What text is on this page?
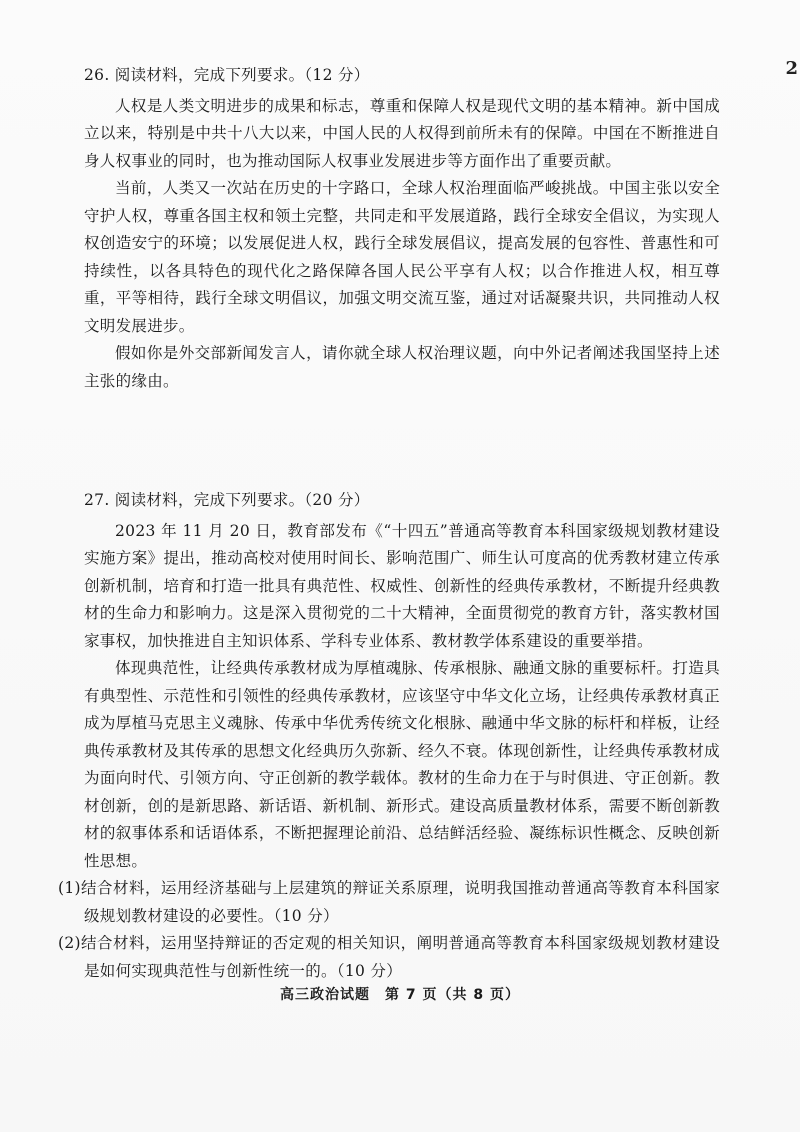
2

26. 阅读材料，完成下列要求。（12 分）

人权是人类文明进步的成果和标志，尊重和保障人权是现代文明的基本精神。新中国成立以来，特别是中共十八大以来，中国人民的人权得到前所未有的保障。中国在不断推进自身人权事业的同时，也为推动国际人权事业发展进步等方面作出了重要贡献。

当前，人类又一次站在历史的十字路口，全球人权治理面临严峻挑战。中国主张以安全守护人权，尊重各国主权和领土完整，共同走和平发展道路，践行全球安全倡议，为实现人权创造安宁的环境；以发展促进人权，践行全球发展倡议，提高发展的包容性、普惠性和可持续性，以各具特色的现代化之路保障各国人民公平享有人权；以合作推进人权，相互尊重，平等相待，践行全球文明倡议，加强文明交流互鉴，通过对话凝聚共识，共同推动人权文明发展进步。

假如你是外交部新闻发言人，请你就全球人权治理议题，向中外记者阐述我国坚持上述主张的缘由。

27. 阅读材料，完成下列要求。（20 分）

2023 年 11 月 20 日，教育部发布《“十四五”普通高等教育本科国家级规划教材建设实施方案》提出，推动高校对使用时间长、影响范围广、师生认可度高的优秀教材建立传承创新机制，培育和打造一批具有典范性、权威性、创新性的经典传承教材，不断提升经典教材的生命力和影响力。这是深入贯彻党的二十大精神，全面贯彻党的教育方针，落实教材国家事权，加快推进自主知识体系、学科专业体系、教材教学体系建设的重要举措。

体现典范性，让经典传承教材成为厚植魂脉、传承根脉、融通文脉的重要标杆。打造具有典型性、示范性和引领性的经典传承教材，应该坚守中华文化立场，让经典传承教材真正成为厚植马克思主义魂脉、传承中华优秀传统文化根脉、融通中华文脉的标杆和样板，让经典传承教材及其传承的思想文化经典历久弥新、经久不衰。体现创新性，让经典传承教材成为面向时代、引领方向、守正创新的教学载体。教材的生命力在于与时俱进、守正创新。教材创新，创的是新思路、新话语、新机制、新形式。建设高质量教材体系，需要不断创新教材的叙事体系和话语体系，不断把握理论前沿、总结鲜活经验、凝练标识性概念、反映创新性思想。

(1)结合材料，运用经济基础与上层建筑的辩证关系原理，说明我国推动普通高等教育本科国家级规划教材建设的必要性。（10 分）
(2)结合材料，运用坚持辩证的否定观的相关知识，阐明普通高等教育本科国家级规划教材建设是如何实现典范性与创新性统一的。（10 分）
高三政治试题　第 7 页（共 8 页）
